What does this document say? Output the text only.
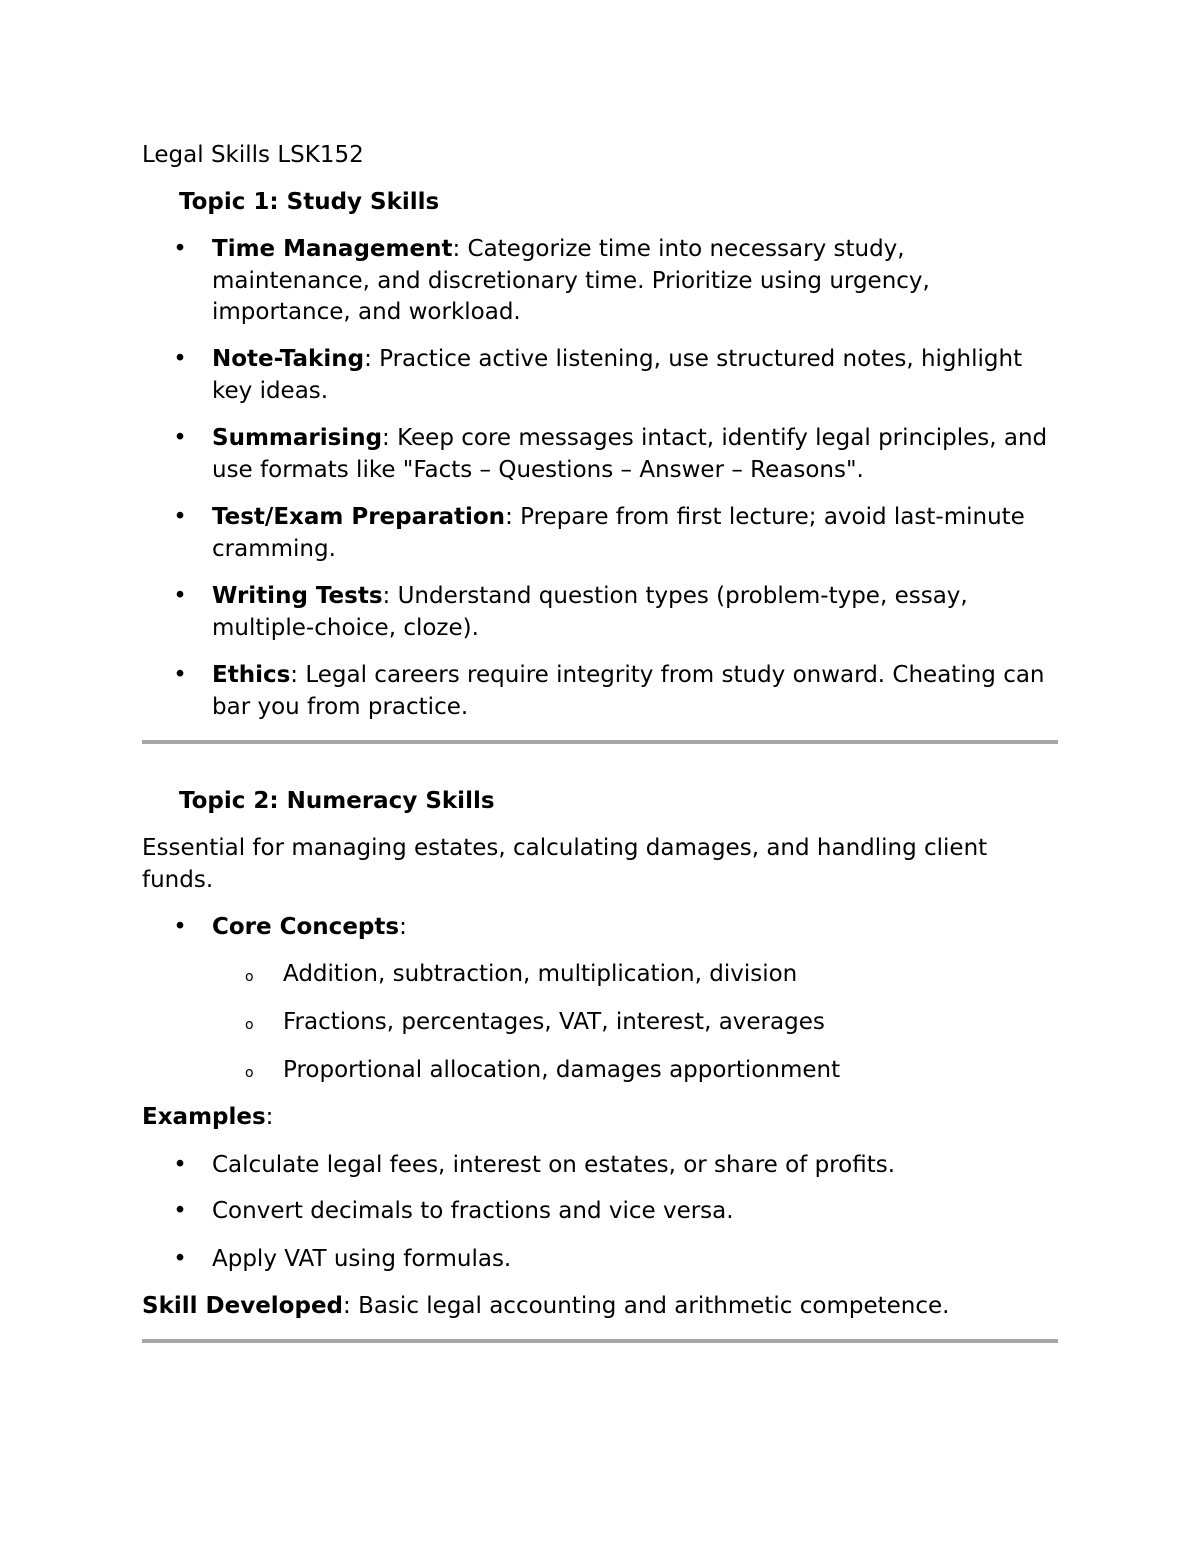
Legal Skills LSK152
Topic 1: Study Skills
• Time Management: Categorize time into necessary study, maintenance, and discretionary time. Prioritize using urgency, importance, and workload.
• Note-Taking: Practice active listening, use structured notes, highlight key ideas.
• Summarising: Keep core messages intact, identify legal principles, and use formats like "Facts – Questions – Answer – Reasons".
• Test/Exam Preparation: Prepare from first lecture; avoid last-minute cramming.
• Writing Tests: Understand question types (problem-type, essay, multiple-choice, cloze).
• Ethics: Legal careers require integrity from study onward. Cheating can bar you from practice.
Topic 2: Numeracy Skills
Essential for managing estates, calculating damages, and handling client funds.
• Core Concepts:
o Addition, subtraction, multiplication, division
o Fractions, percentages, VAT, interest, averages
o Proportional allocation, damages apportionment
Examples:
• Calculate legal fees, interest on estates, or share of profits.
• Convert decimals to fractions and vice versa.
• Apply VAT using formulas.
Skill Developed: Basic legal accounting and arithmetic competence.
